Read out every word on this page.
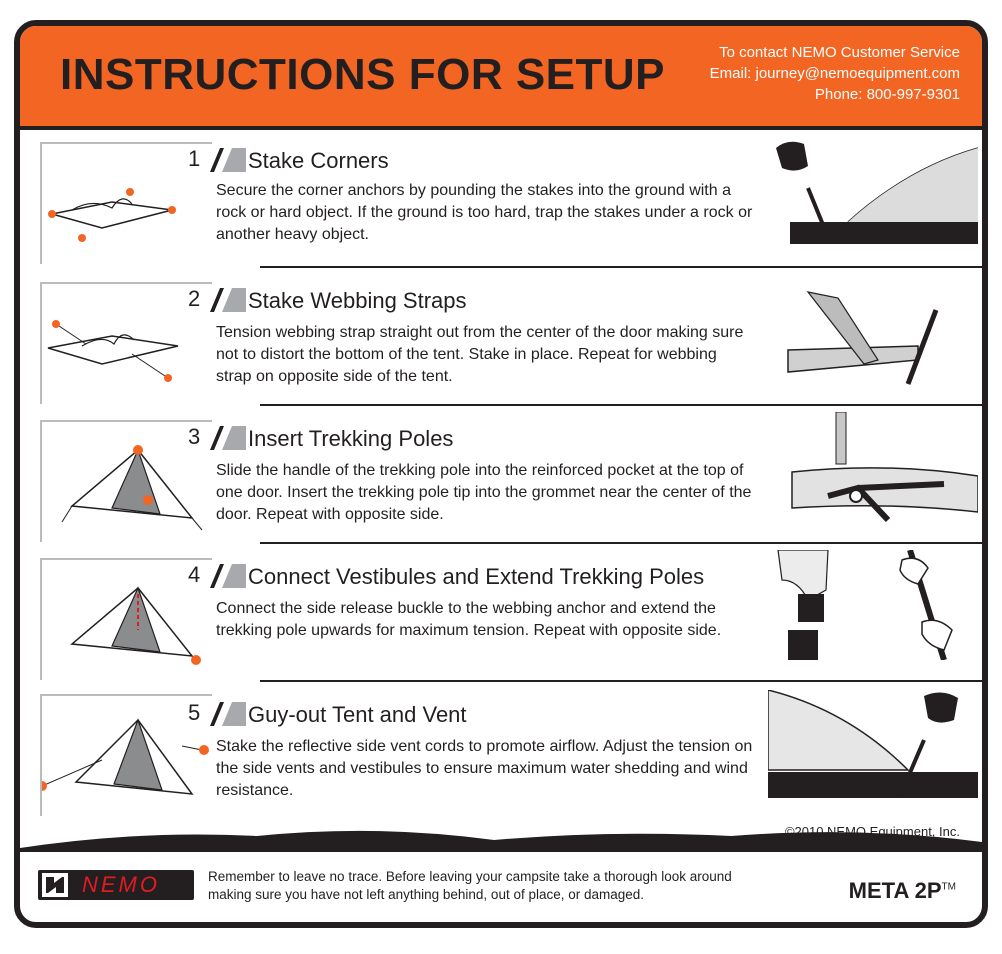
INSTRUCTIONS FOR SETUP	To contact NEMO Customer Service
Email: journey@nemoequipment.com
Phone: 800-997-9301
1 Stake Corners
Secure the corner anchors by pounding the stakes into the ground with a rock or hard object. If the ground is too hard, trap the stakes under a rock or another heavy object.
2 Stake Webbing Straps
Tension webbing strap straight out from the center of the door making sure not to distort the bottom of the tent. Stake in place. Repeat for webbing strap on opposite side of the tent.
3 Insert Trekking Poles
Slide the handle of the trekking pole into the reinforced pocket at the top of one door. Insert the trekking pole tip into the grommet near the center of the door. Repeat with opposite side.
4 Connect Vestibules and Extend Trekking Poles
Connect the side release buckle to the webbing anchor and extend the trekking pole upwards for maximum tension. Repeat with opposite side.
5 Guy-out Tent and Vent
Stake the reflective side vent cords to promote airflow. Adjust the tension on the side vents and vestibules to ensure maximum water shedding and wind resistance.
©2010 NEMO Equipment, Inc.
NEMO	Remember to leave no trace. Before leaving your campsite take a thorough look around making sure you have not left anything behind, out of place, or damaged.	META 2P™
